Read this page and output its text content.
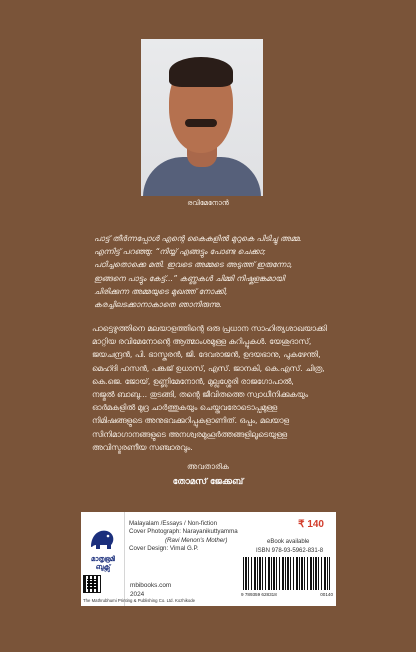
രവിമേനോൻ

പാട്ട് തീർന്നപ്പോൾ എന്റെ കൈകളിൽ മുറുകെ പിടിച്ചു അമ്മ.

എന്നിട്ട് പറഞ്ഞു: “നിയ്യ് എങ്ങട്ടും പോണ്ട ചെക്കാ;

പഠിച്ചതൊക്കെ മതി. ഇവടെ അമ്മടെ അടുത്ത് ഇരുന്നോ,

ഇങ്ങനെ പാട്ടും കേട്ട്...” കണ്ണുകൾ ചിമ്മി നിഷ്കളങ്കമായി

ചിരിക്കുന്ന അമ്മയുടെ മുഖത്ത് നോക്കി,

കരച്ചിലടക്കാനാകാതെ ഞാനിരുന്നു.

പാട്ടെഴുത്തിനെ മലയാളത്തിന്റെ ഒരു പ്രധാന സാഹിത്യശാഖയാക്കി

മാറ്റിയ രവിമേനോന്റെ ആത്മാംശമുള്ള കുറിപ്പുകൾ. യേശുദാസ്,

ജയചന്ദ്രൻ, പി. ഭാസ്കരൻ, ജി. ദേവരാജൻ, ഉദയഭാനു, പുകഴേന്തി,

മെഹ്ദി ഹസൻ, പങ്കജ് ഉധാസ്, എസ്. ജാനകി, കെ.എസ്. ചിത്ര,

കെ.ജെ. ജോയ്, ഉണ്ണിമേനോൻ, മുല്ലശ്ശേരി രാജഗോപാൽ,

നജ്മൽ ബാബു... തുടങ്ങി, തന്റെ ജീവിതത്തെ സ്വാധീനിക്കുകയും

ഓർമകളിൽ മുദ്ര ചാർത്തുകയും ചെയ്തവരോടൊപ്പമുള്ള

നിമിഷങ്ങളുടെ അനുഭവക്കുറിപ്പുകളാണിത്. ഒപ്പം, മലയാള

സിനിമാഗാനങ്ങളുടെ അനശ്വരമുഹൂർത്തങ്ങളിലൂടെയുള്ള

അവിസ്മരണീയ സഞ്ചാരവും.

അവതാരിക
തോമസ് ജേക്കബ്
മാതൃഭൂമി ബുക്സ്
Malayalam /Essays / Non-fiction
Cover Photograph: Narayanikuttyamma
(Ravi Menon's Mother)
Cover Design: Vimal G.P.
₹ 140
eBook available
ISBN 978-93-5962-831-8
9 789359 628318	00140
mbibooks.com
2024
The Mathrubhumi Printing & Publishing Co. Ltd. Kozhikode
